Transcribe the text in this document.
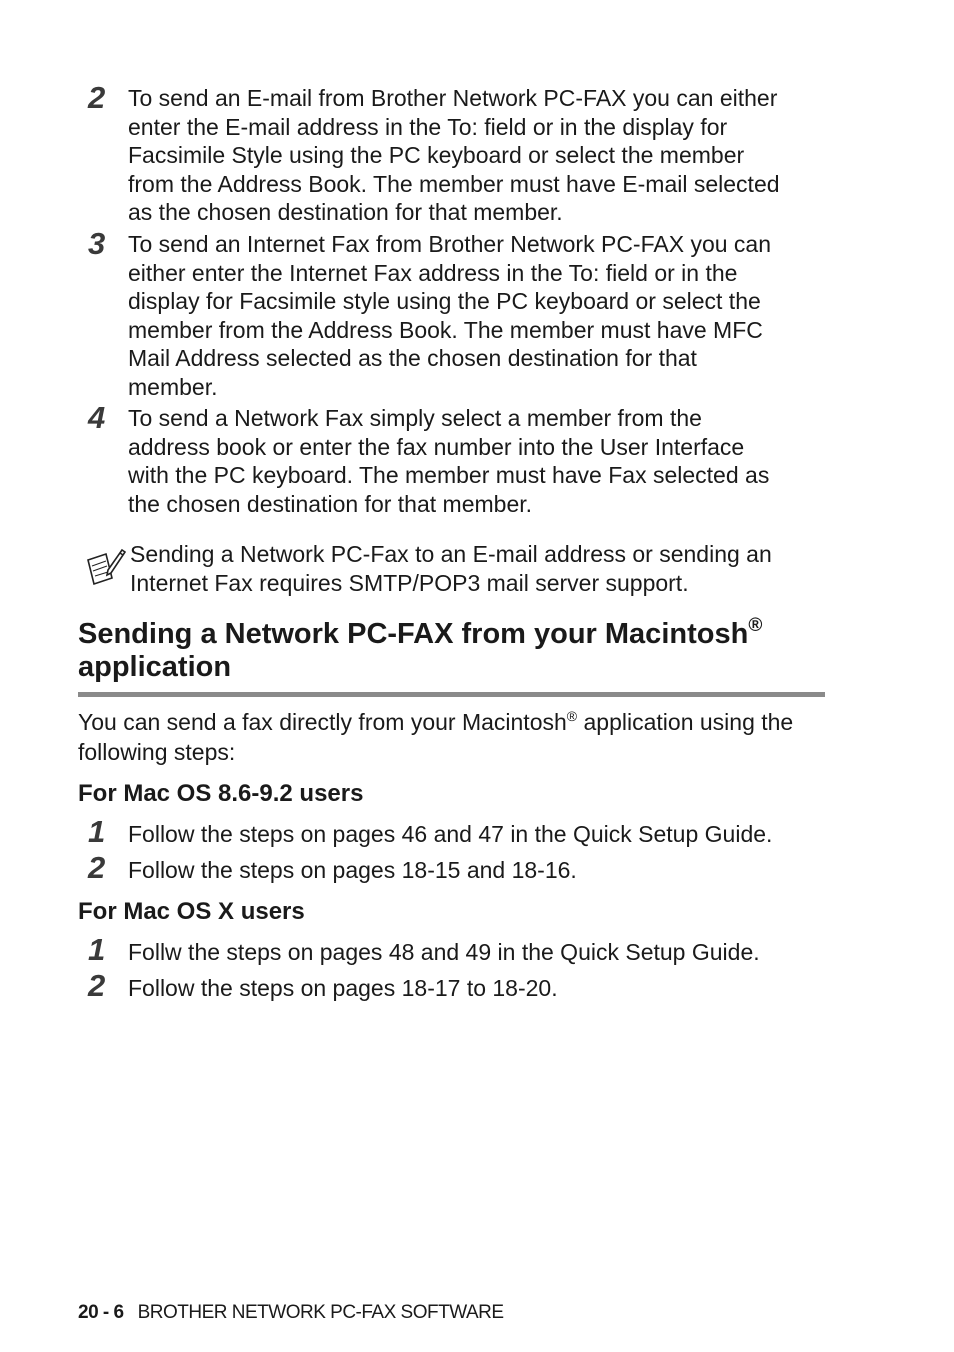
2 To send an E-mail from Brother Network PC-FAX you can either
enter the E-mail address in the To: field or in the display for
Facsimile Style using the PC keyboard or select the member
from the Address Book. The member must have E-mail selected
as the chosen destination for that member.
3 To send an Internet Fax from Brother Network PC-FAX you can
either enter the Internet Fax address in the To: field or in the
display for Facsimile style using the PC keyboard or select the
member from the Address Book. The member must have MFC
Mail Address selected as the chosen destination for that
member.
4 To send a Network Fax simply select a member from the
address book or enter the fax number into the User Interface
with the PC keyboard. The member must have Fax selected as
the chosen destination for that member.
Sending a Network PC-Fax to an E-mail address or sending an
Internet Fax requires SMTP/POP3 mail server support.
Sending a Network PC-FAX from your Macintosh®
application
You can send a fax directly from your Macintosh® application using the following steps:
For Mac OS 8.6-9.2 users
1 Follow the steps on pages 46 and 47 in the Quick Setup Guide.
2 Follow the steps on pages 18-15 and 18-16.
For Mac OS X users
1 Follw the steps on pages 48 and 49 in the Quick Setup Guide.
2 Follow the steps on pages 18-17 to 18-20.
20 - 6 BROTHER NETWORK PC-FAX SOFTWARE
